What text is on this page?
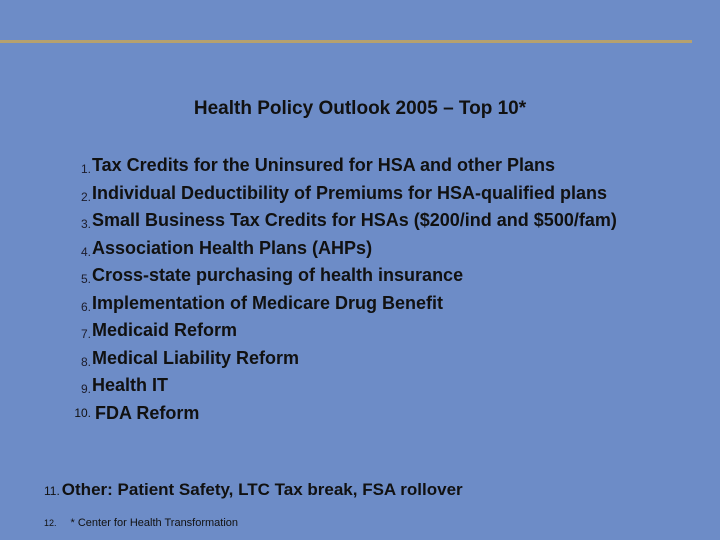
Health Policy Outlook 2005 – Top 10*
1. Tax Credits for the Uninsured for HSA and other Plans
2. Individual Deductibility of Premiums for HSA-qualified plans
3. Small Business Tax Credits for HSAs ($200/ind and $500/fam)
4. Association Health Plans (AHPs)
5. Cross-state purchasing of health insurance
6. Implementation of Medicare Drug Benefit
7. Medicaid Reform
8. Medical Liability Reform
9. Health IT
10. FDA Reform
11. Other: Patient Safety, LTC Tax break, FSA rollover
12. * Center for Health Transformation
